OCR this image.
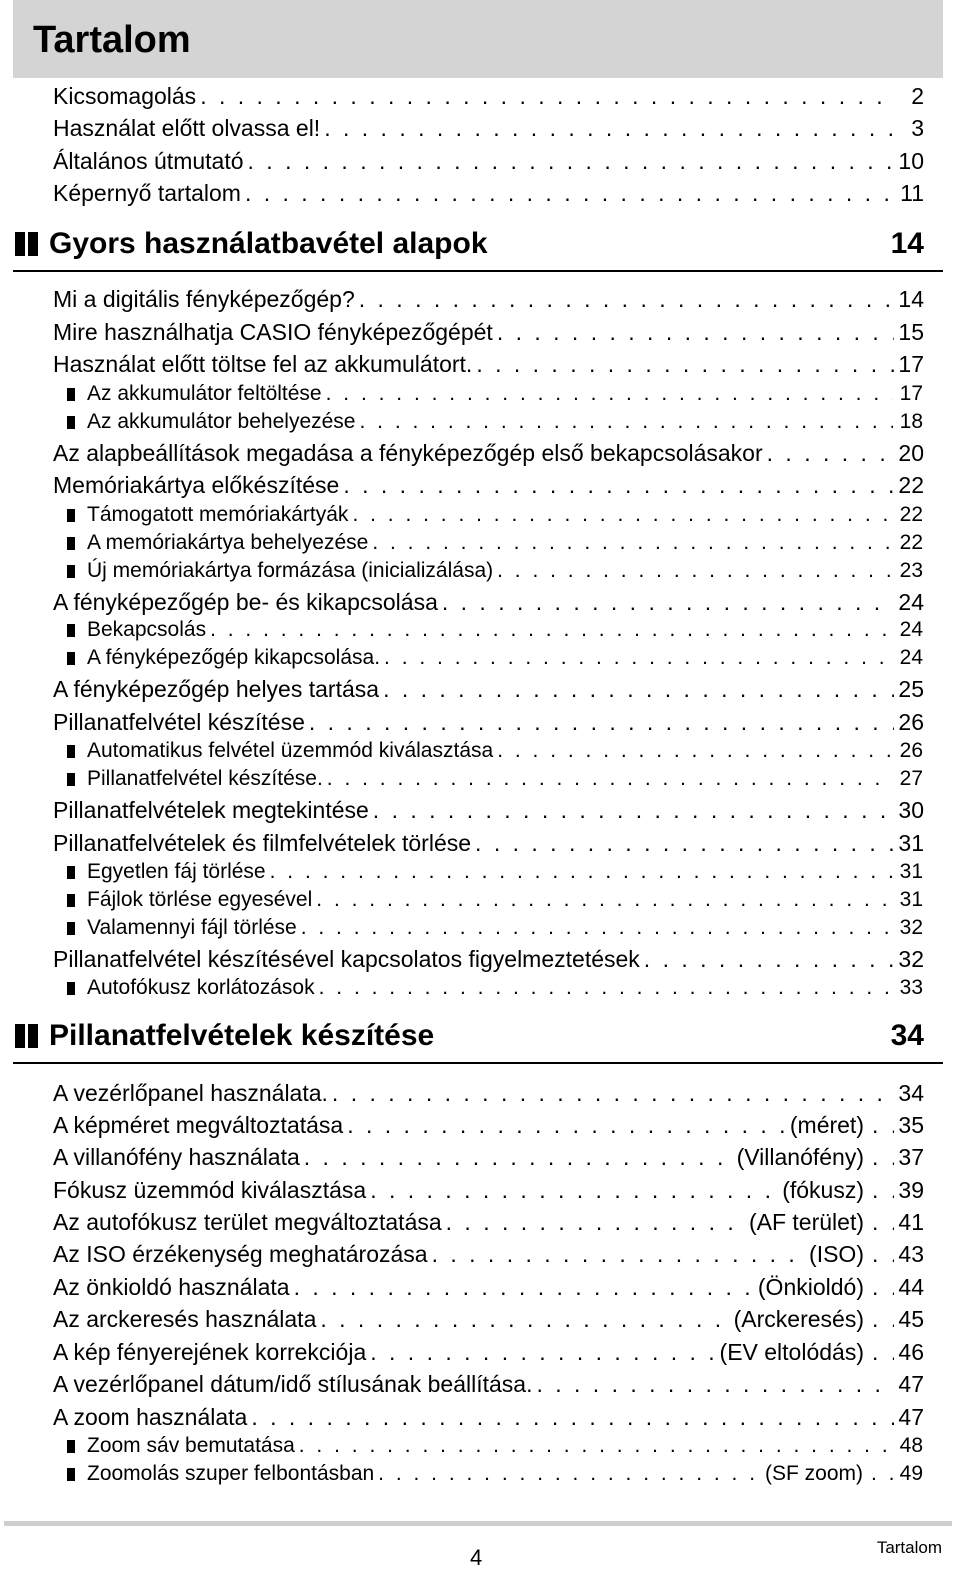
Tartalom
Kicsomagolás . . .	2
Használat előtt olvassa el! . . .	3
Általános útmutató . . .	10
Képernyő tartalom . . .	11
Gyors használatbavétel alapok	14
Mi a digitális fényképezőgép? . . .	14
Mire használhatja CASIO fényképezőgépét . . .	15
Használat előtt töltse fel az akkumulátort. . . .	17
Az akkumulátor feltöltése . . .	17
Az akkumulátor behelyezése . . .	18
Az alapbeállítások megadása a fényképezőgép első bekapcsolásakor . . .	20
Memóriakártya előkészítése . . .	22
Támogatott memóriakártyák . . .	22
A memóriakártya behelyezése . . .	22
Új memóriakártya formázása (inicializálása) . . .	23
A fényképezőgép be- és kikapcsolása . . .	24
Bekapcsolás . . .	24
A fényképezőgép kikapcsolása. . . .	24
A fényképezőgép helyes tartása . . .	25
Pillanatfelvétel készítése . . .	26
Automatikus felvétel üzemmód kiválasztása . . .	26
Pillanatfelvétel készítése. . . .	27
Pillanatfelvételek megtekintése . . .	30
Pillanatfelvételek és filmfelvételek törlése . . .	31
Egyetlen fáj törlése . . .	31
Fájlok törlése egyesével . . .	31
Valamennyi fájl törlése . . .	32
Pillanatfelvétel készítésével kapcsolatos figyelmeztetések . . .	32
Autofókusz korlátozások . . .	33
Pillanatfelvételek készítése	34
A vezérlőpanel használata. . . .	34
A képméret megváltoztatása . . .	(méret) . . . 35
A villanófény használata . . .	(Villanófény) . . . 37
Fókusz üzemmód kiválasztása . . .	(fókusz) . . . 39
Az autofókusz terület megváltoztatása . . .	(AF terület) . . . 41
Az ISO érzékenység meghatározása . . .	(ISO) . . . 43
Az önkioldó használata . . .	(Önkioldó) . . . 44
Az arckeresés használata . . .	(Arckeresés) . . . 45
A kép fényerejének korrekciója . . .	(EV eltolódás) . . . 46
A vezérlőpanel dátum/idő stílusának beállítása. . . .	47
A zoom használata . . .	47
Zoom sáv bemutatása . . .	48
Zoomolás szuper felbontásban . . .	(SF zoom) . . . 49
4	Tartalom
